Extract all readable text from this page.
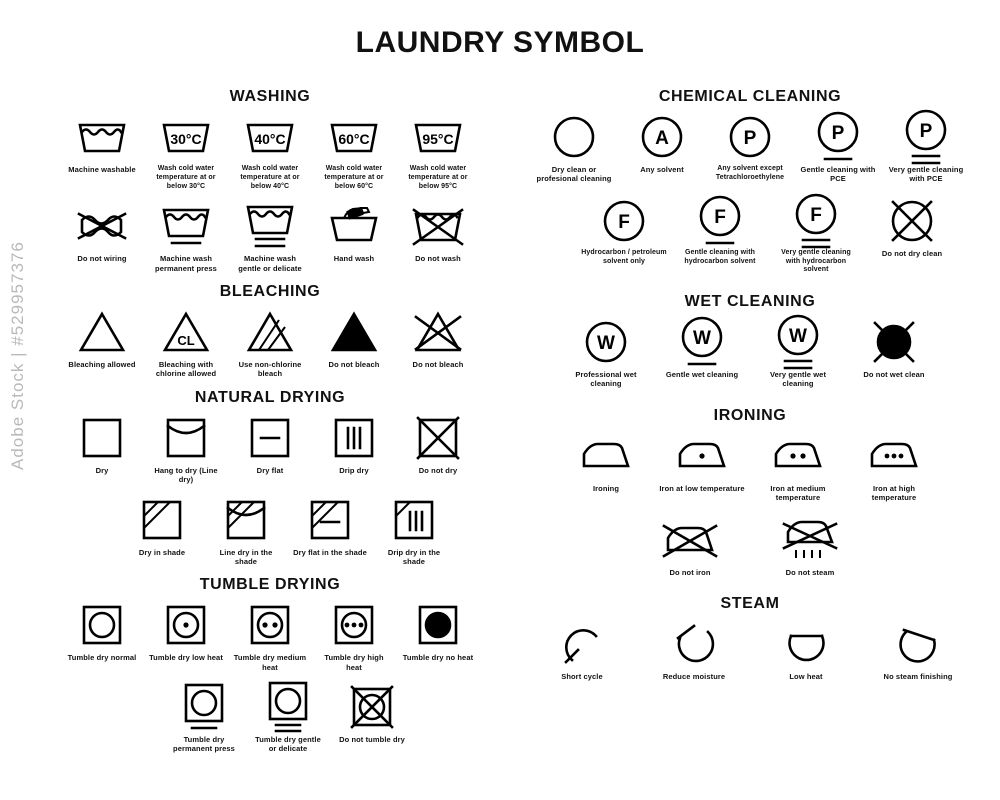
LAUNDRY SYMBOL
WASHING
Machine washable
30°C
Wash cold water temperature at or below 30°C
40°C
Wash cold water temperature at or below 40°C
60°C
Wash cold water temperature at or below 60°C
95°C
Wash cold water temperature at or below 95°C
Do not wiring	Machine wash permanent press
Machine wash gentle or delicate
Hand wash	Do not wash
BLEACHING
Bleaching allowed
CL
Bleaching with chlorine allowed
Use non-chlorine bleach
Do not bleach	Do not bleach
NATURAL DRYING
Dry	Hang to dry (Line dry)
Dry flat	Drip dry	Do not dry
Dry in shade	Line dry in the shade
Dry flat in the shade	Drip dry in the shade
TUMBLE DRYING
Tumble dry normal Tumble dry low heat Tumble dry medium heat
Tumble dry high heat
Tumble dry no heat
Tumble dry permanent press
Tumble dry gentle or delicate
Do not tumble dry
CHEMICAL CLEANING
Dry clean or profesional cleaning
A
Any solvent
P
Any solvent except Tetrachloroethylene
P
Gentle cleaning with PCE
P
Very gentle cleaning with PCE
F
Hydrocarbon / petroleum solvent only
F
Gentle cleaning with hydrocarbon solvent
F
Very gentle cleaning with hydrocarbon solvent
Do not dry clean
WET CLEANING
W
Professional wet cleaning
W
Gentle wet cleaning
W
Very gentle wet cleaning
Do not wet clean
IRONING
Ironing	Iron at low temperature	Iron at medium temperature
Iron at high temperature
Do not iron	Do not steam
STEAM
Short cycle	Reduce moisture	Low heat	No steam finishing
Adobe Stock | #529957376
